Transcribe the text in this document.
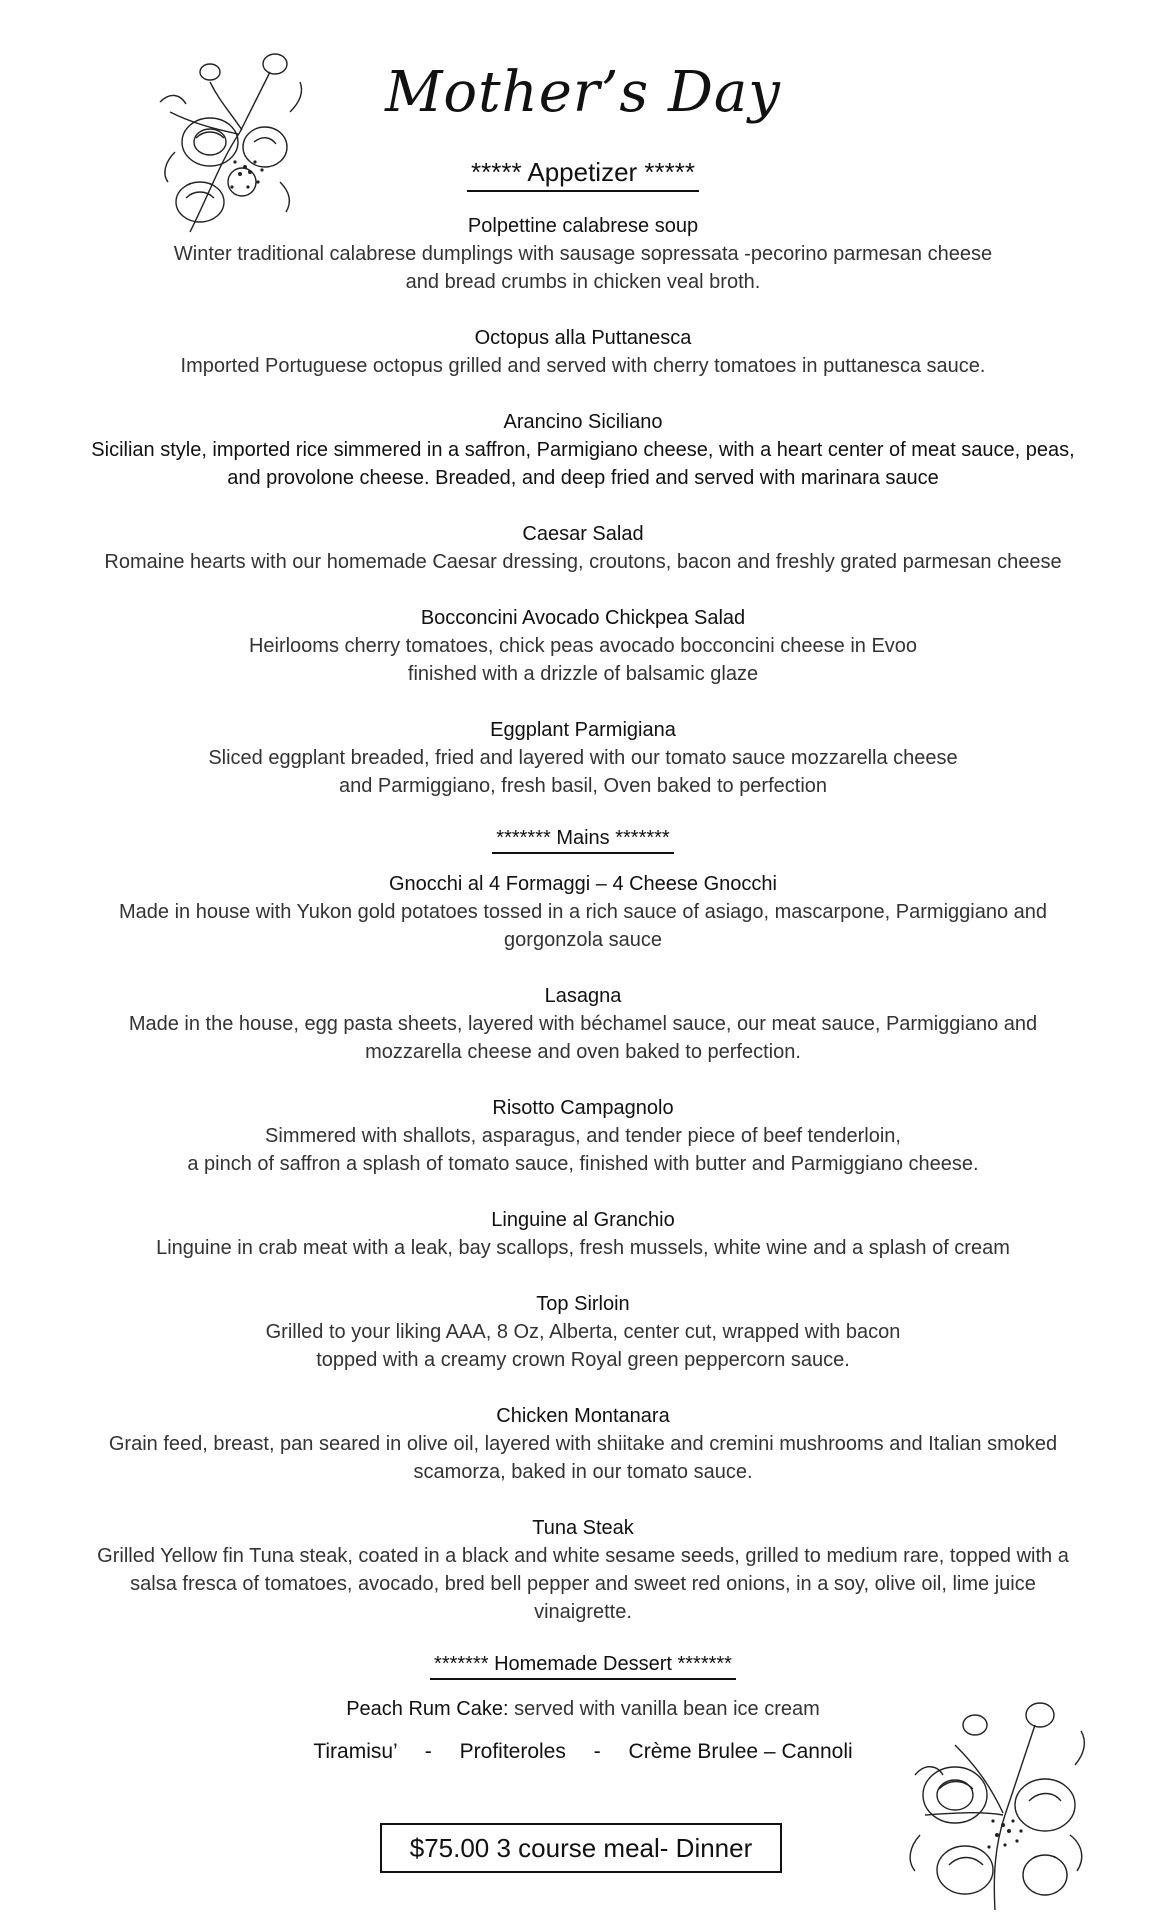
Mother’s Day
***** Appetizer *****
Polpettine calabrese soup
Winter traditional calabrese dumplings with sausage sopressata -pecorino parmesan cheese
and bread crumbs in chicken veal broth.
Octopus alla Puttanesca
Imported Portuguese octopus grilled and served with cherry tomatoes in puttanesca sauce.
Arancino Siciliano
Sicilian style, imported rice simmered in a saffron, Parmigiano cheese, with a heart center of meat sauce, peas,
and provolone cheese. Breaded, and deep fried and served with marinara sauce
Caesar Salad
Romaine hearts with our homemade Caesar dressing, croutons, bacon and freshly grated parmesan cheese
Bocconcini Avocado Chickpea Salad
Heirlooms cherry tomatoes, chick peas avocado bocconcini cheese in Evoo
finished with a drizzle of balsamic glaze
Eggplant Parmigiana
Sliced eggplant breaded, fried and layered with our tomato sauce mozzarella cheese
and Parmiggiano, fresh basil, Oven baked to perfection
******* Mains *******
Gnocchi al 4 Formaggi – 4 Cheese Gnocchi
Made in house with Yukon gold potatoes tossed in a rich sauce of asiago, mascarpone, Parmiggiano and
gorgonzola sauce
Lasagna
Made in the house, egg pasta sheets, layered with béchamel sauce, our meat sauce, Parmiggiano and
mozzarella cheese and oven baked to perfection.
Risotto Campagnolo
Simmered with shallots, asparagus, and tender piece of beef tenderloin,
a pinch of saffron a splash of tomato sauce, finished with butter and Parmiggiano cheese.
Linguine al Granchio
Linguine in crab meat with a leak, bay scallops, fresh mussels, white wine and a splash of cream
Top Sirloin
Grilled to your liking AAA, 8 Oz, Alberta, center cut, wrapped with bacon
topped with a creamy crown Royal green peppercorn sauce.
Chicken Montanara
Grain feed, breast, pan seared in olive oil, layered with shiitake and cremini mushrooms and Italian smoked
scamorza, baked in our tomato sauce.
Tuna Steak
Grilled Yellow fin Tuna steak, coated in a black and white sesame seeds, grilled to medium rare, topped with a
salsa fresca of tomatoes, avocado, bred bell pepper and sweet red onions, in a soy, olive oil, lime juice
vinaigrette.
******* Homemade Dessert *******
Peach Rum Cake: served with vanilla bean ice cream
Tiramisu’ - Profiteroles - Crème Brulee – Cannoli
$75.00 3 course meal- Dinner
